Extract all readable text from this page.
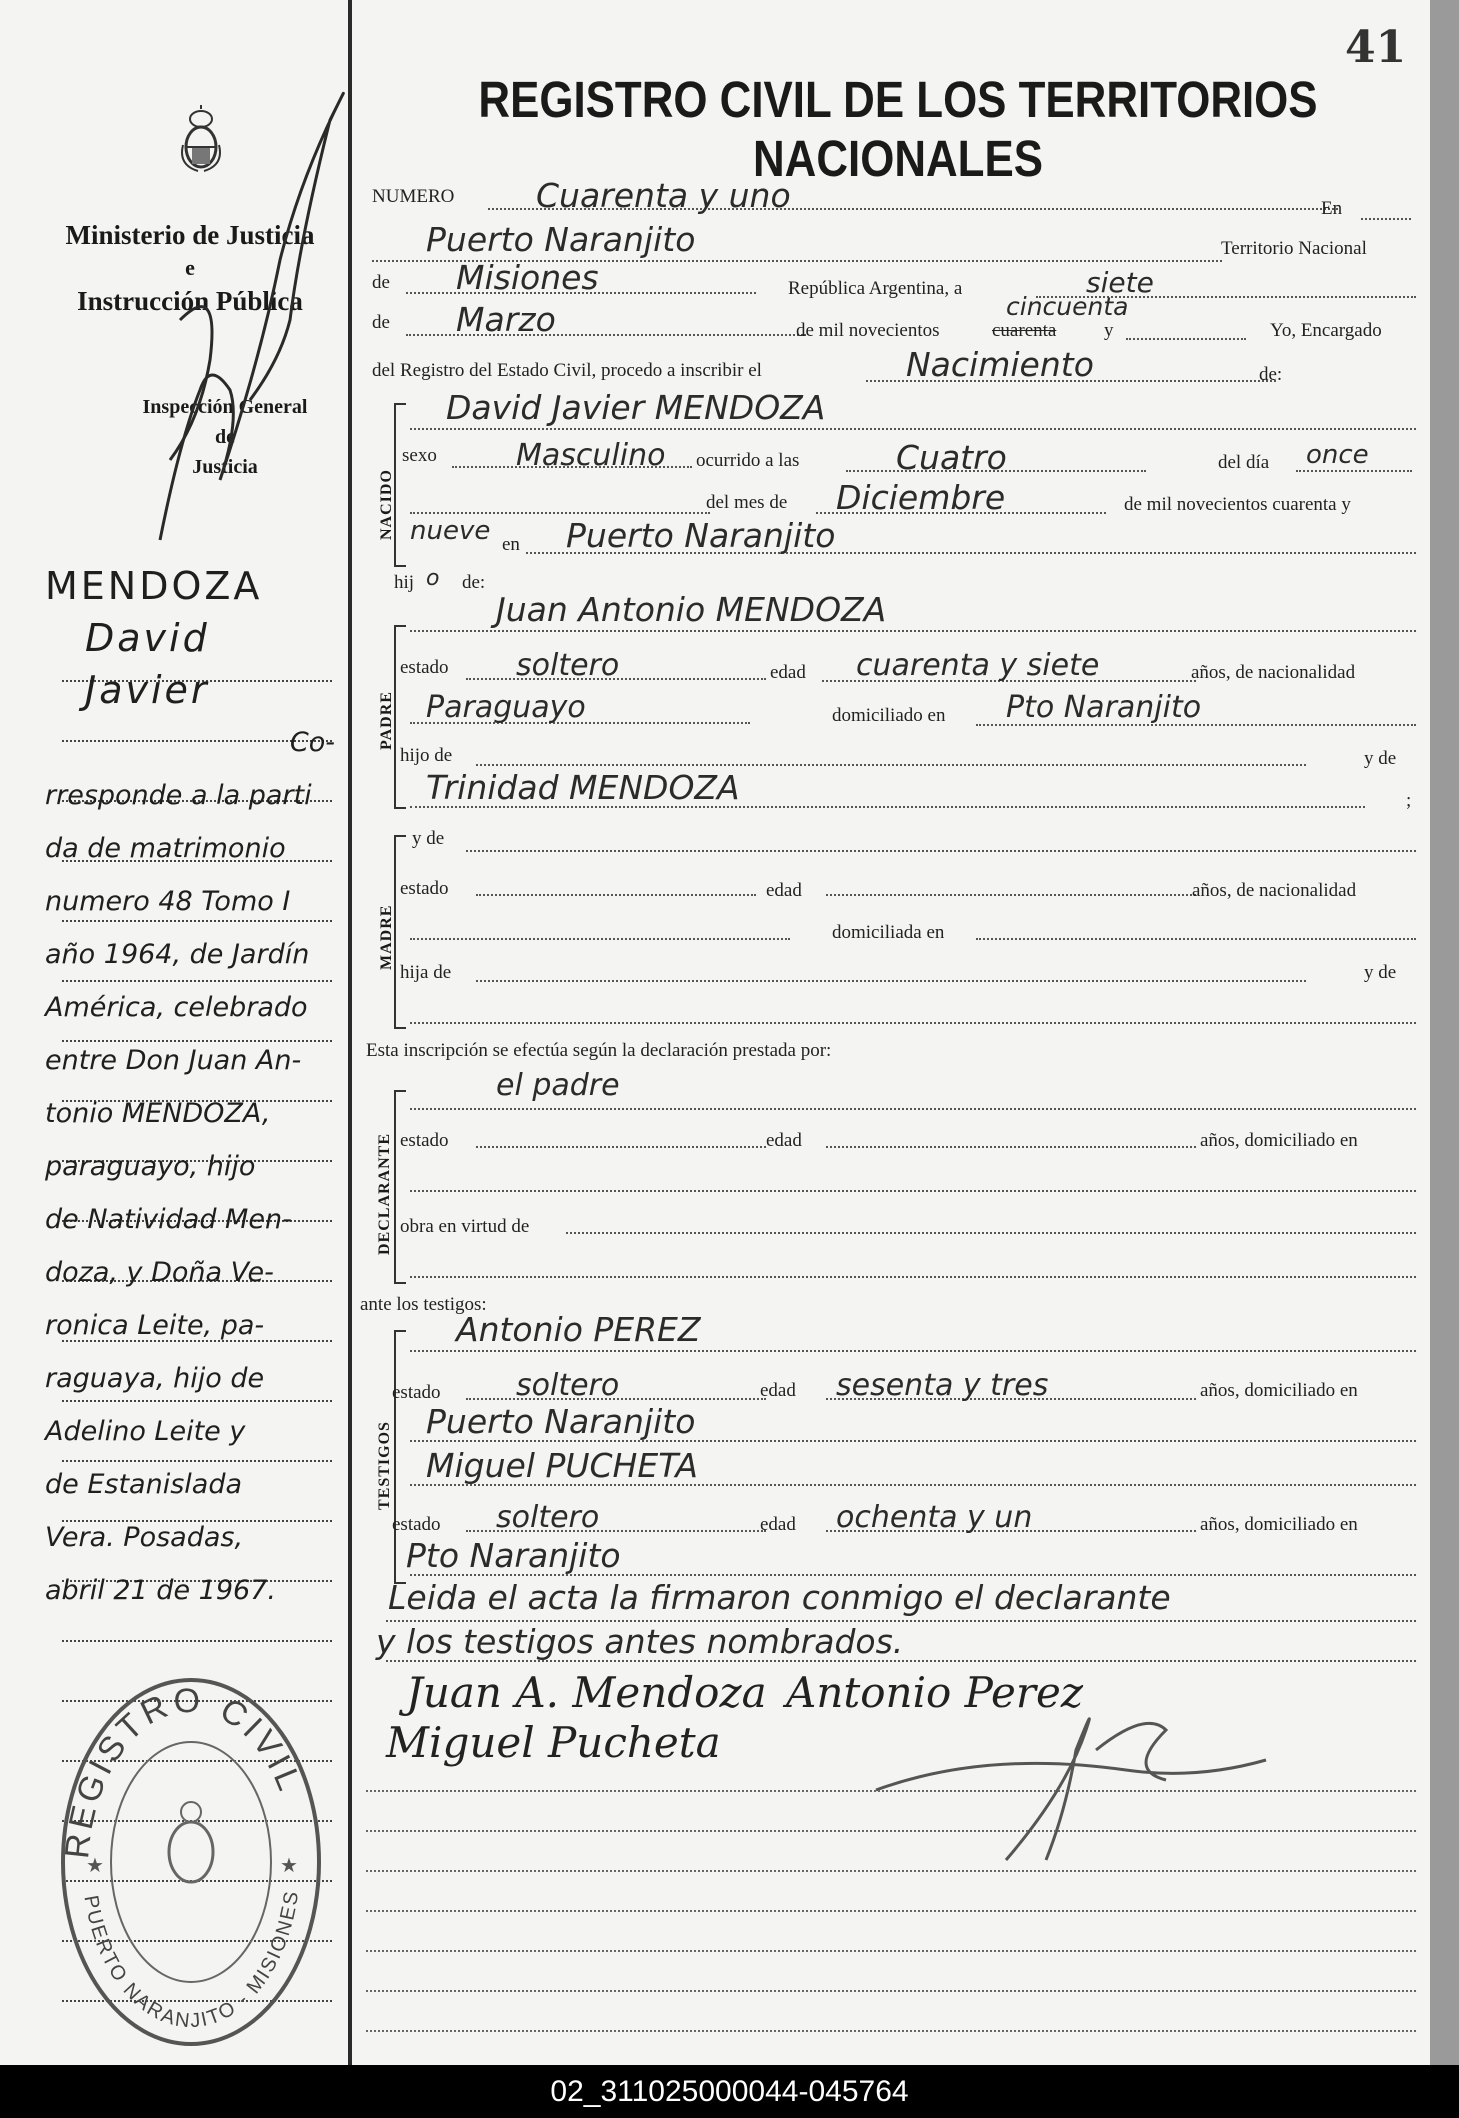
Ministerio de Justicia
e
Instrucción Pública
Inspección General
de
Justicia
MENDOZA
David
Javier
Co-
rresponde a la parti
da de matrimonio
numero 48 Tomo I
año 1964, de Jardín
América, celebrado
entre Don Juan An-
tonio MENDOZA,
paraguayo, hijo
de Natividad Men-
doza, y Doña Ve-
ronica Leite, pa-
raguaya, hijo de
Adelino Leite y
de Estanislada
Vera. Posadas,
abril 21 de 1967.
REGISTRO CIVIL
PUERTO NARANJITO - MISIONES
★	★
41
REGISTRO CIVIL DE LOS TERRITORIOS NACIONALES
NUMERO Cuarenta y uno	En
Puerto Naranjito	Territorio Nacional
de Misiones	República Argentina, a	siete
de Marzo	de mil novecientos	cuarenta	y
cincuenta
Yo, Encargado
del Registro del Estado Civil, procedo a inscribir el	Nacimiento	de:
NACIDO
David Javier MENDOZA
sexo	Masculino ocurrido a las	Cuatro	del día once
del mes de Diciembre	de mil novecientos cuarenta y
nueve en Puerto Naranjito
hij o de:
PADRE
Juan Antonio MENDOZA
estado soltero	edad cuarenta y siete	años, de nacionalidad
Paraguayo	domiciliado en Pto Naranjito
hijo de	y de
Trinidad MENDOZA	;
MADRE
y de
estado	edad	años, de nacionalidad
domiciliada en
hija de	y de
Esta inscripción se efectúa según la declaración prestada por:
DECLARANTE
el padre
estado	edad	años, domiciliado en
obra en virtud de
ante los testigos:
TESTIGOS
Antonio PEREZ
estado	soltero	edad sesenta y tres	años, domiciliado en
Puerto Naranjito
Miguel PUCHETA
estado soltero	edad ochenta y un	años, domiciliado en
Pto Naranjito
Leida el acta la firmaron conmigo el declarante
y los testigos antes nombrados.
Juan A. Mendoza Antonio Perez
Miguel Pucheta
02_311025000044-045764
